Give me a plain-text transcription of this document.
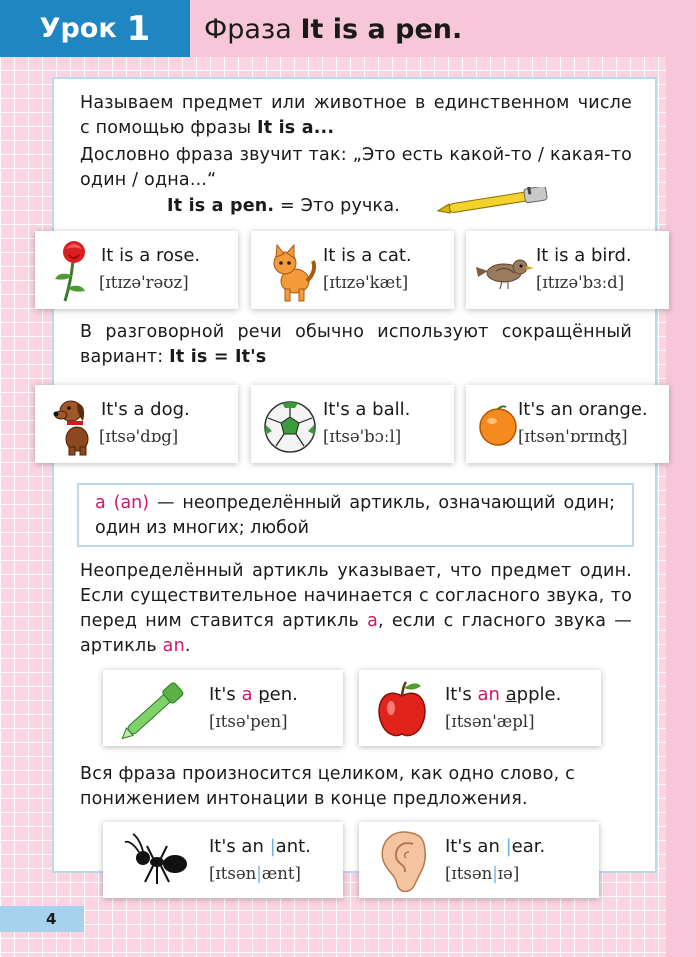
Урок 1 Фраза It is a pen.
Называем предмет или животное в единственном числе с помощью фразы It is a...
Дословно фраза звучит так: „Это есть какой-то / какая-то один / одна...“
It is a pen. = Это ручка.
It is a rose.
[ɪtɪzə'rəʊz]
It is a cat.
[ɪtɪzə'kæt]
It is a bird.
[ɪtɪzə'bɜːd]
В разговорной речи обычно используют сокращённый вариант: It is = It's
It's a dog.
[ɪtsə'dɒg]
It's a ball.
[ɪtsə'bɔːl]
It's an orange.
[ɪtsən'ɒrɪnʤ]
a (an) — неопределённый артикль, означающий один; один из многих; любой
Неопределённый артикль указывает, что предмет один. Если существительное начинается с согласного звука, то перед ним ставится артикль a, если с гласного звука — артикль an.
It's a pen.
[ɪtsə'pen]
It's an apple.
[ɪtsən'æpl]
Вся фраза произносится целиком, как одно слово, с понижением интонации в конце предложения.
It's an |ant.
[ɪtsən|ænt]
It's an |ear.
[ɪtsən|ɪə]
4
